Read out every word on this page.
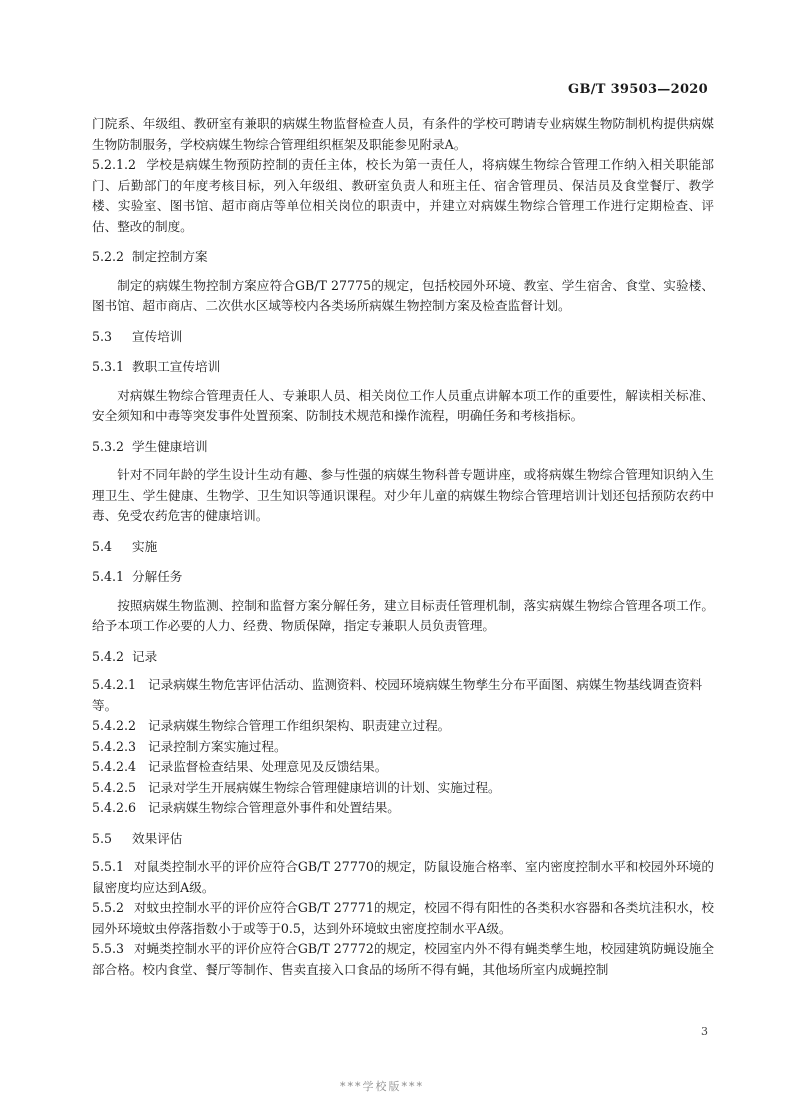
GB/T 39503—2020

门院系、年级组、教研室有兼职的病媒生物监督检查人员，有条件的学校可聘请专业病媒生物防制机构提供病媒生物防制服务，学校病媒生物综合管理组织框架及职能参见附录A。

5.2.1.2 学校是病媒生物预防控制的责任主体，校长为第一责任人，将病媒生物综合管理工作纳入相关职能部门、后勤部门的年度考核目标，列入年级组、教研室负责人和班主任、宿舍管理员、保洁员及食堂餐厅、教学楼、实验室、图书馆、超市商店等单位相关岗位的职责中，并建立对病媒生物综合管理工作进行定期检查、评估、整改的制度。

5.2.2 制定控制方案

制定的病媒生物控制方案应符合GB/T 27775的规定，包括校园外环境、教室、学生宿舍、食堂、实验楼、图书馆、超市商店、二次供水区域等校内各类场所病媒生物控制方案及检查监督计划。

5.3 宣传培训
5.3.1 教职工宣传培训

对病媒生物综合管理责任人、专兼职人员、相关岗位工作人员重点讲解本项工作的重要性，解读相关标准、安全须知和中毒等突发事件处置预案、防制技术规范和操作流程，明确任务和考核指标。

5.3.2 学生健康培训

针对不同年龄的学生设计生动有趣、参与性强的病媒生物科普专题讲座，或将病媒生物综合管理知识纳入生理卫生、学生健康、生物学、卫生知识等通识课程。对少年儿童的病媒生物综合管理培训计划还包括预防农药中毒、免受农药危害的健康培训。

5.4 实施
5.4.1 分解任务

按照病媒生物监测、控制和监督方案分解任务，建立目标责任管理机制，落实病媒生物综合管理各项工作。给予本项工作必要的人力、经费、物质保障，指定专兼职人员负责管理。

5.4.2 记录

5.4.2.1 记录病媒生物危害评估活动、监测资料、校园环境病媒生物孳生分布平面图、病媒生物基线调查资料等。

5.4.2.2 记录病媒生物综合管理工作组织架构、职责建立过程。

5.4.2.3 记录控制方案实施过程。

5.4.2.4 记录监督检查结果、处理意见及反馈结果。

5.4.2.5 记录对学生开展病媒生物综合管理健康培训的计划、实施过程。

5.4.2.6 记录病媒生物综合管理意外事件和处置结果。

5.5 效果评估

5.5.1 对鼠类控制水平的评价应符合GB/T 27770的规定，防鼠设施合格率、室内密度控制水平和校园外环境的鼠密度均应达到A级。

5.5.2 对蚊虫控制水平的评价应符合GB/T 27771的规定，校园不得有阳性的各类积水容器和各类坑洼积水，校园外环境蚊虫停落指数小于或等于0.5，达到外环境蚊虫密度控制水平A级。

5.5.3 对蝇类控制水平的评价应符合GB/T 27772的规定，校园室内外不得有蝇类孳生地，校园建筑防蝇设施全部合格。校内食堂、餐厅等制作、售卖直接入口食品的场所不得有蝇，其他场所室内成蝇控制

3
***学校版***
